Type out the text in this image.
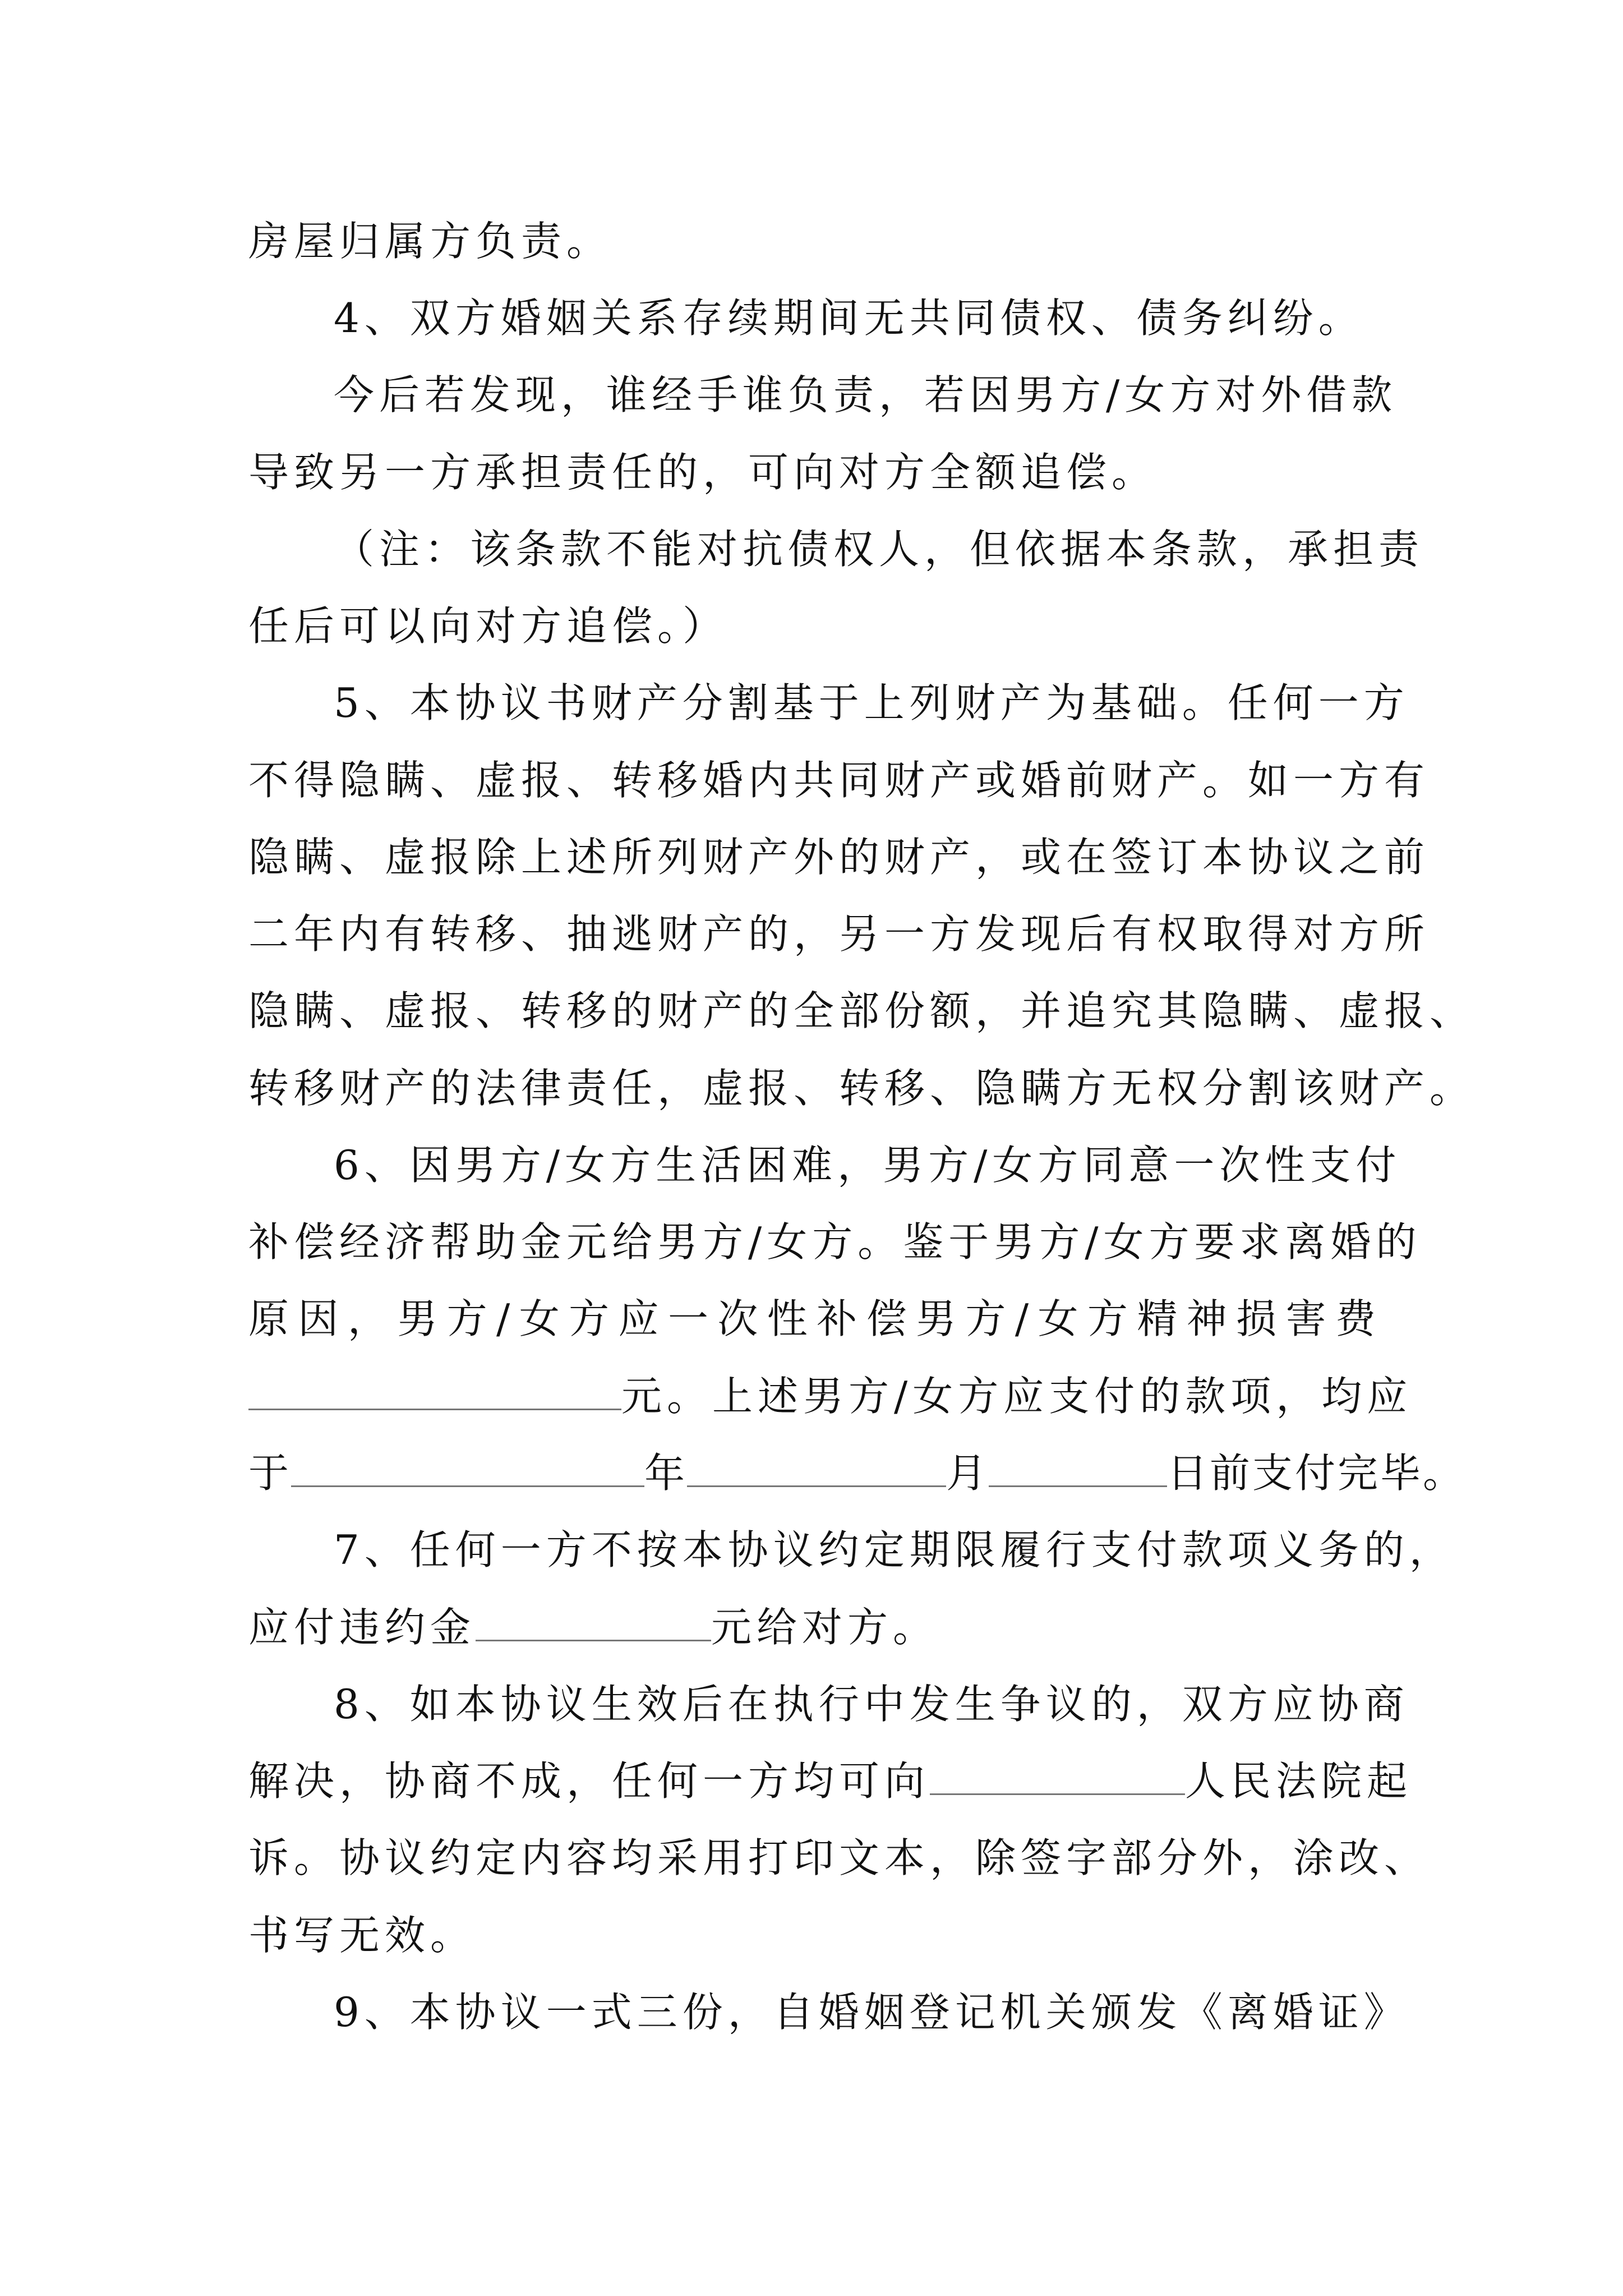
房屋归属方负责。
4、双方婚姻关系存续期间无共同债权、债务纠纷。
今后若发现，谁经手谁负责，若因男方/女方对外借款
导致另一方承担责任的，可向对方全额追偿。
（注：该条款不能对抗债权人，但依据本条款，承担责
任后可以向对方追偿。）
5、本协议书财产分割基于上列财产为基础。任何一方
不得隐瞒、虚报、转移婚内共同财产或婚前财产。如一方有
隐瞒、虚报除上述所列财产外的财产，或在签订本协议之前
二年内有转移、抽逃财产的，另一方发现后有权取得对方所
隐瞒、虚报、转移的财产的全部份额，并追究其隐瞒、虚报、
转移财产的法律责任，虚报、转移、隐瞒方无权分割该财产。
6、因男方/女方生活困难，男方/女方同意一次性支付
补偿经济帮助金元给男方/女方。鉴于男方/女方要求离婚的
原因，男方/女方应一次性补偿男方/女方精神损害费
元。上述男方/女方应支付的款项，均应
于	年	月	日前支付完毕。
7、任何一方不按本协议约定期限履行支付款项义务的，
应付违约金	元给对方。
8、如本协议生效后在执行中发生争议的，双方应协商
解决，协商不成，任何一方均可向	人民法院起
诉。协议约定内容均采用打印文本，除签字部分外，涂改、
书写无效。
9、本协议一式三份，自婚姻登记机关颁发《离婚证》
